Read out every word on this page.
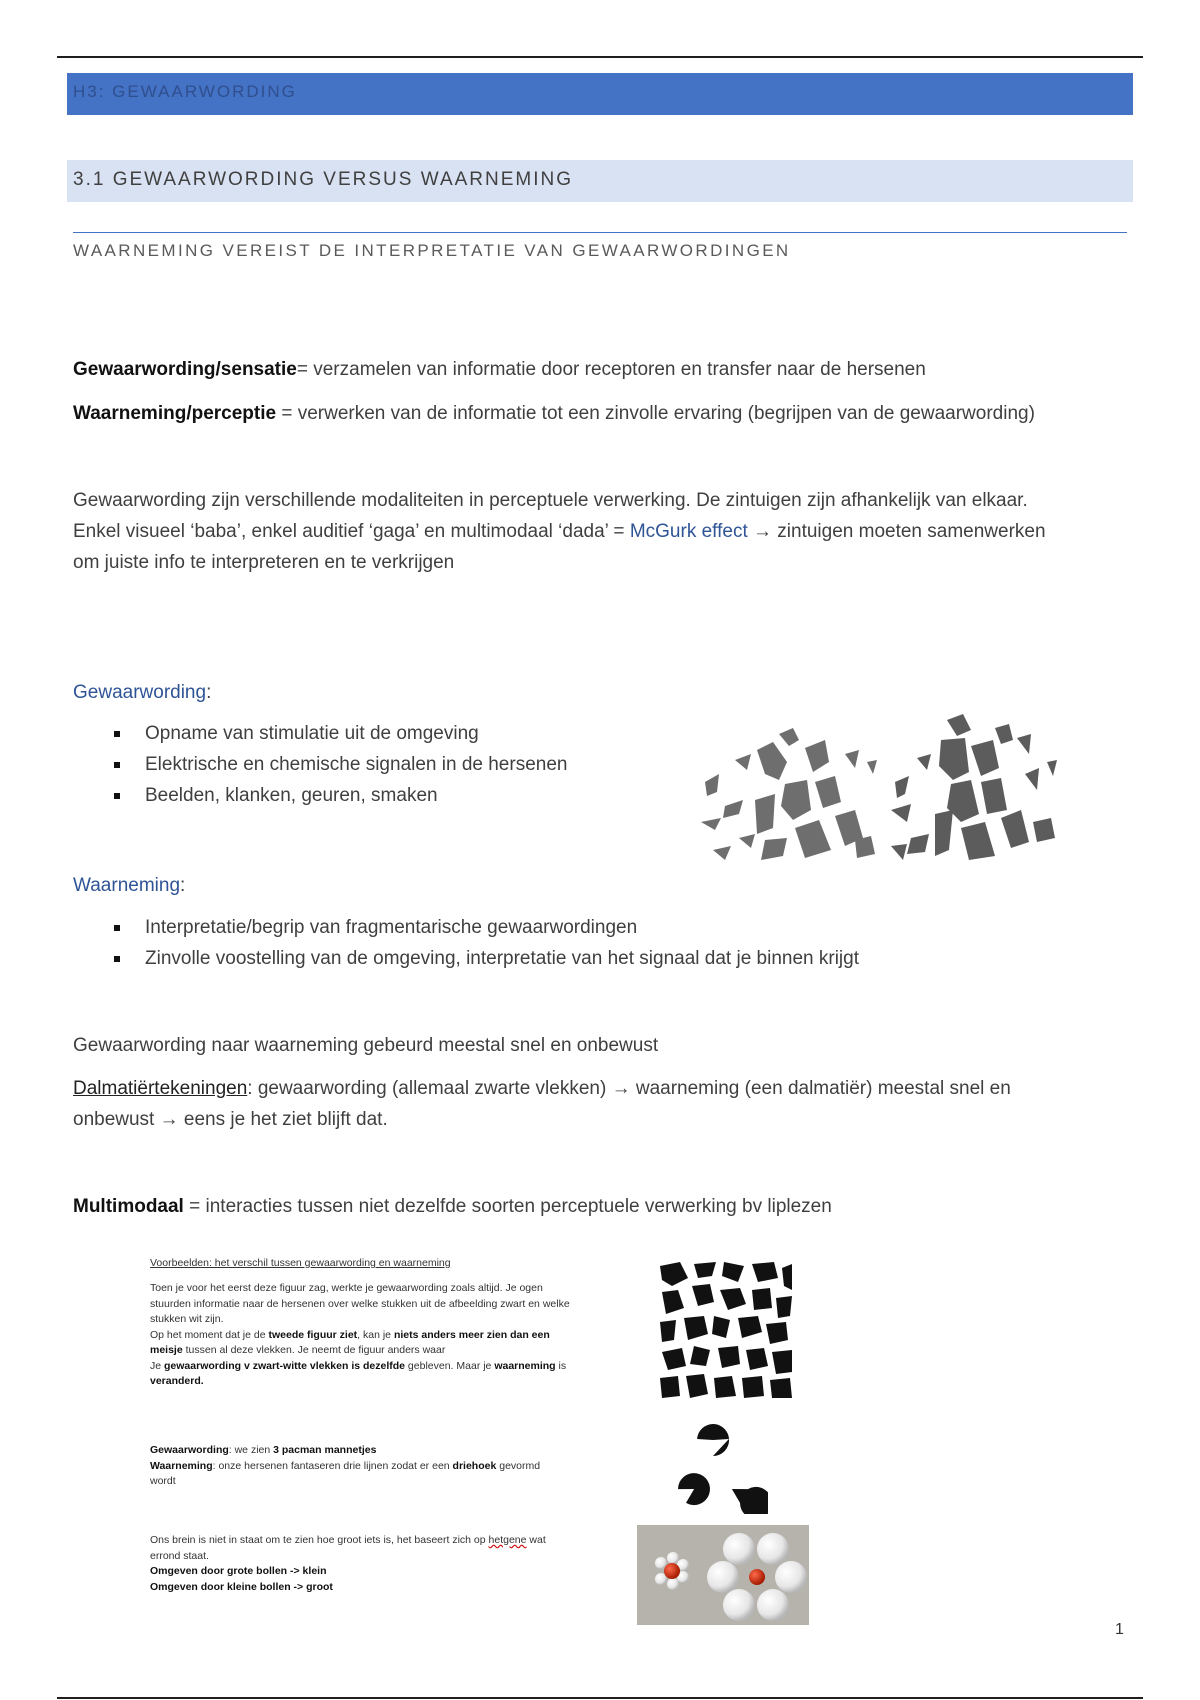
H3: GEWAARWORDING
3.1 GEWAARWORDING VERSUS WAARNEMING
WAARNEMING VEREIST DE INTERPRETATIE VAN GEWAARWORDINGEN
Gewaarwording/sensatie= verzamelen van informatie door receptoren en transfer naar de hersenen
Waarneming/perceptie = verwerken van de informatie tot een zinvolle ervaring (begrijpen van de gewaarwording)
Gewaarwording zijn verschillende modaliteiten in perceptuele verwerking. De zintuigen zijn afhankelijk van elkaar.
Enkel visueel ‘baba’, enkel auditief ‘gaga’ en multimodaal ‘dada’ = McGurk effect → zintuigen moeten samenwerken
om juiste info te interpreteren en te verkrijgen
Gewaarwording:
Opname van stimulatie uit de omgeving
Elektrische en chemische signalen in de hersenen
Beelden, klanken, geuren, smaken
Waarneming:
Interpretatie/begrip van fragmentarische gewaarwordingen
Zinvolle voostelling van de omgeving, interpretatie van het signaal dat je binnen krijgt
Gewaarwording naar waarneming gebeurd meestal snel en onbewust
Dalmatiërtekeningen: gewaarwording (allemaal zwarte vlekken) → waarneming (een dalmatiër) meestal snel en
onbewust → eens je het ziet blijft dat.
Multimodaal = interacties tussen niet dezelfde soorten perceptuele verwerking bv liplezen
Voorbeelden: het verschil tussen gewaarwording en waarneming
Toen je voor het eerst deze figuur zag, werkte je gewaarwording zoals altijd. Je ogen
stuurden informatie naar de hersenen over welke stukken uit de afbeelding zwart en welke
stukken wit zijn.
Op het moment dat je de tweede figuur ziet, kan je niets anders meer zien dan een
meisje tussen al deze vlekken. Je neemt de figuur anders waar
Je gewaarwording v zwart-witte vlekken is dezelfde gebleven. Maar je waarneming is
veranderd.
Gewaarwording: we zien 3 pacman mannetjes
Waarneming: onze hersenen fantaseren drie lijnen zodat er een driehoek gevormd
wordt
Ons brein is niet in staat om te zien hoe groot iets is, het baseert zich op hetgene wat
errond staat.
Omgeven door grote bollen -> klein
Omgeven door kleine bollen -> groot
1
